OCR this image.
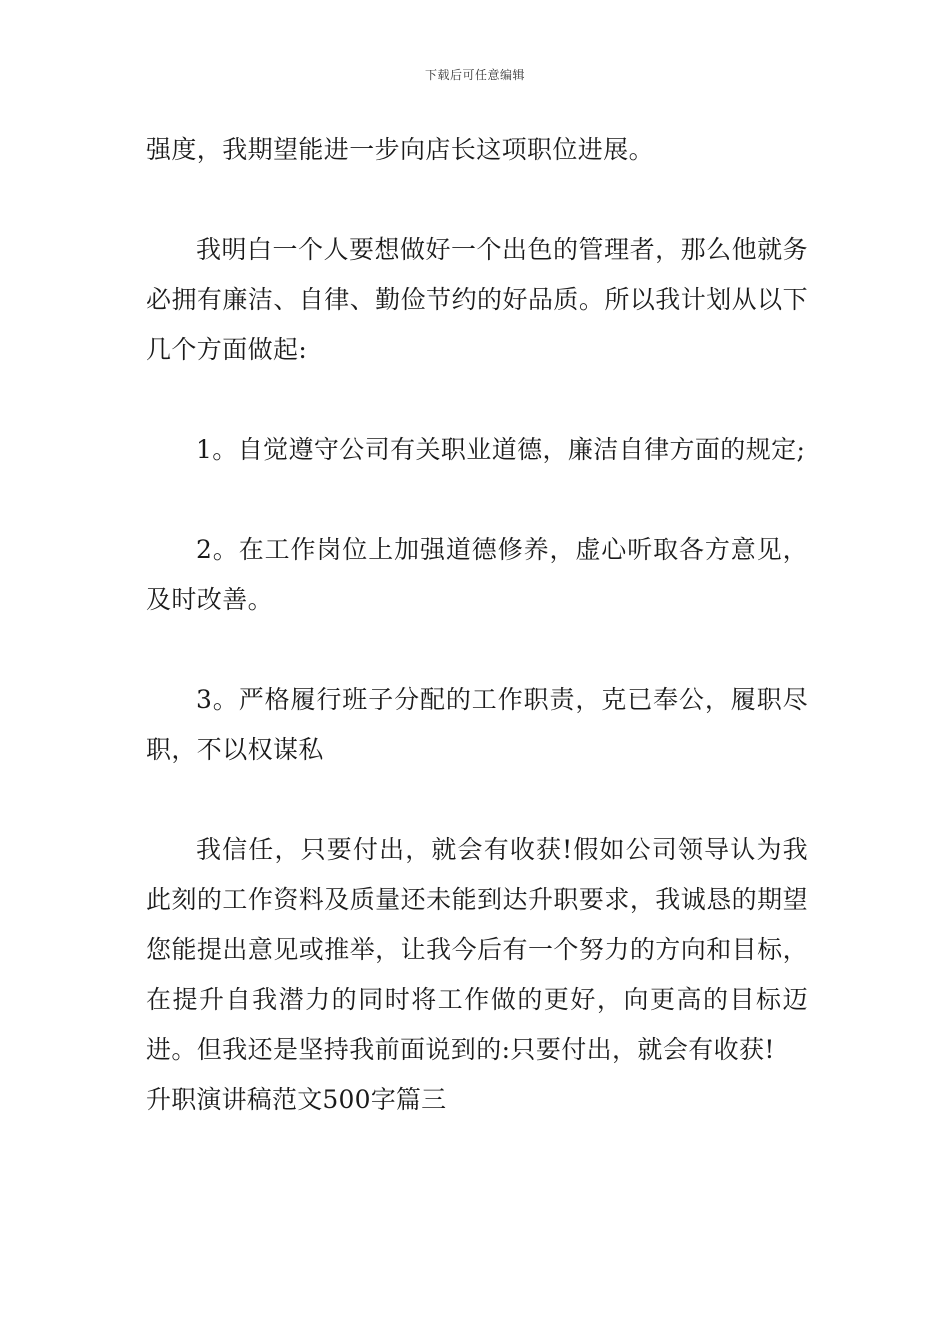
下载后可任意编辑

强度，我期望能进一步向店长这项职位进展。

我明白一个人要想做好一个出色的管理者，那么他就务必拥有廉洁、自律、勤俭节约的好品质。所以我计划从以下几个方面做起:

1。自觉遵守公司有关职业道德，廉洁自律方面的规定;

2。在工作岗位上加强道德修养，虚心听取各方意见，及时改善。

3。严格履行班子分配的工作职责，克已奉公，履职尽职，不以权谋私

我信任，只要付出，就会有收获!假如公司领导认为我此刻的工作资料及质量还未能到达升职要求，我诚恳的期望您能提出意见或推举，让我今后有一个努力的方向和目标，在提升自我潜力的同时将工作做的更好，向更高的目标迈进。但我还是坚持我前面说到的:只要付出，就会有收获!

升职演讲稿范文500字篇三
